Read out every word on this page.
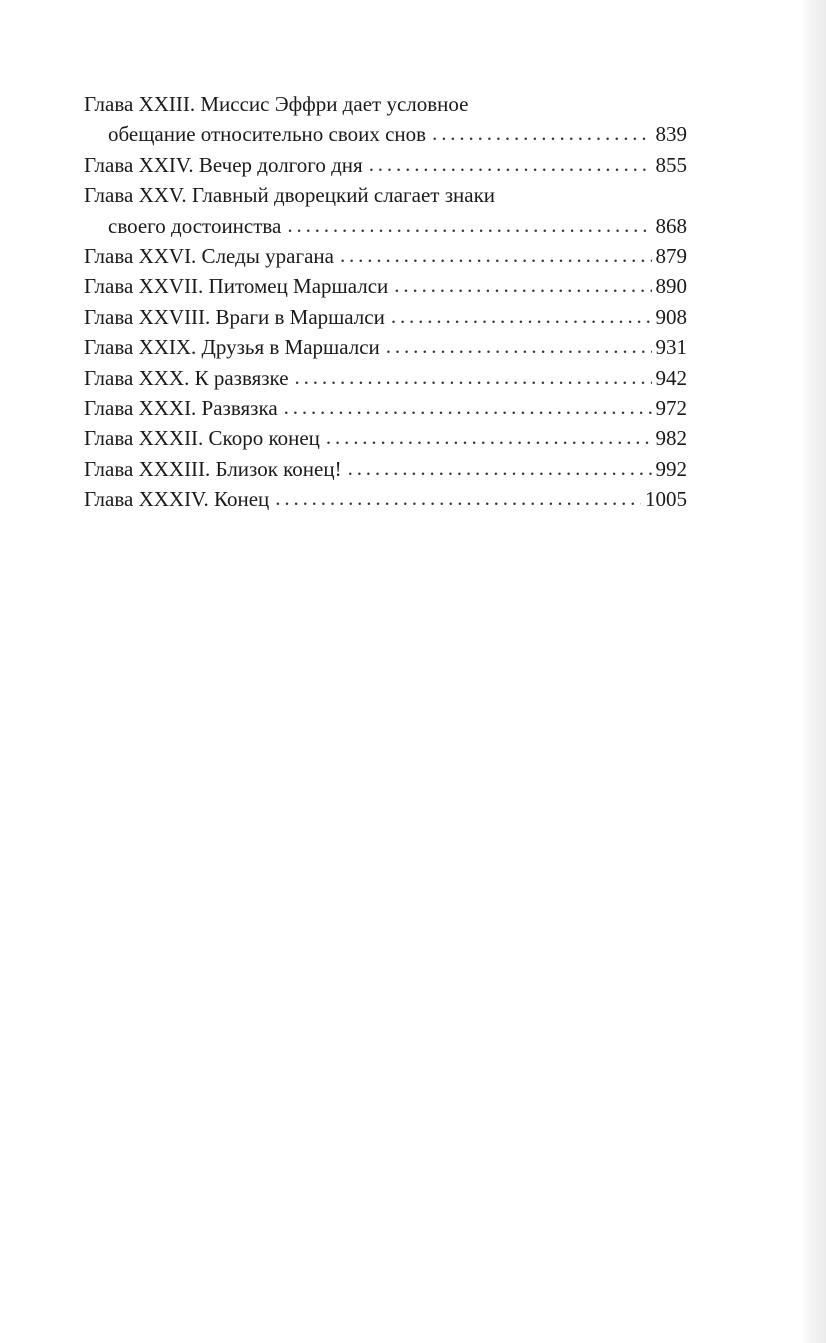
Глава XXIII. Миссис Эффри дает условное
обещание относительно своих снов . . .	839
Глава XXIV. Вечер долгого дня . . .	855
Глава XXV. Главный дворецкий слагает знаки
своего достоинства . . .	868
Глава XXVI. Следы урагана . . .	879
Глава XXVII. Питомец Маршалси . . .	890
Глава XXVIII. Враги в Маршалси . . .	908
Глава XXIX. Друзья в Маршалси . . .	931
Глава XXX. К развязке . . .	942
Глава XXXI. Развязка . . .	972
Глава XXXII. Скоро конец . . .	982
Глава XXXIII. Близок конец! . . .	992
Глава XXXIV. Конец . . .	1005
